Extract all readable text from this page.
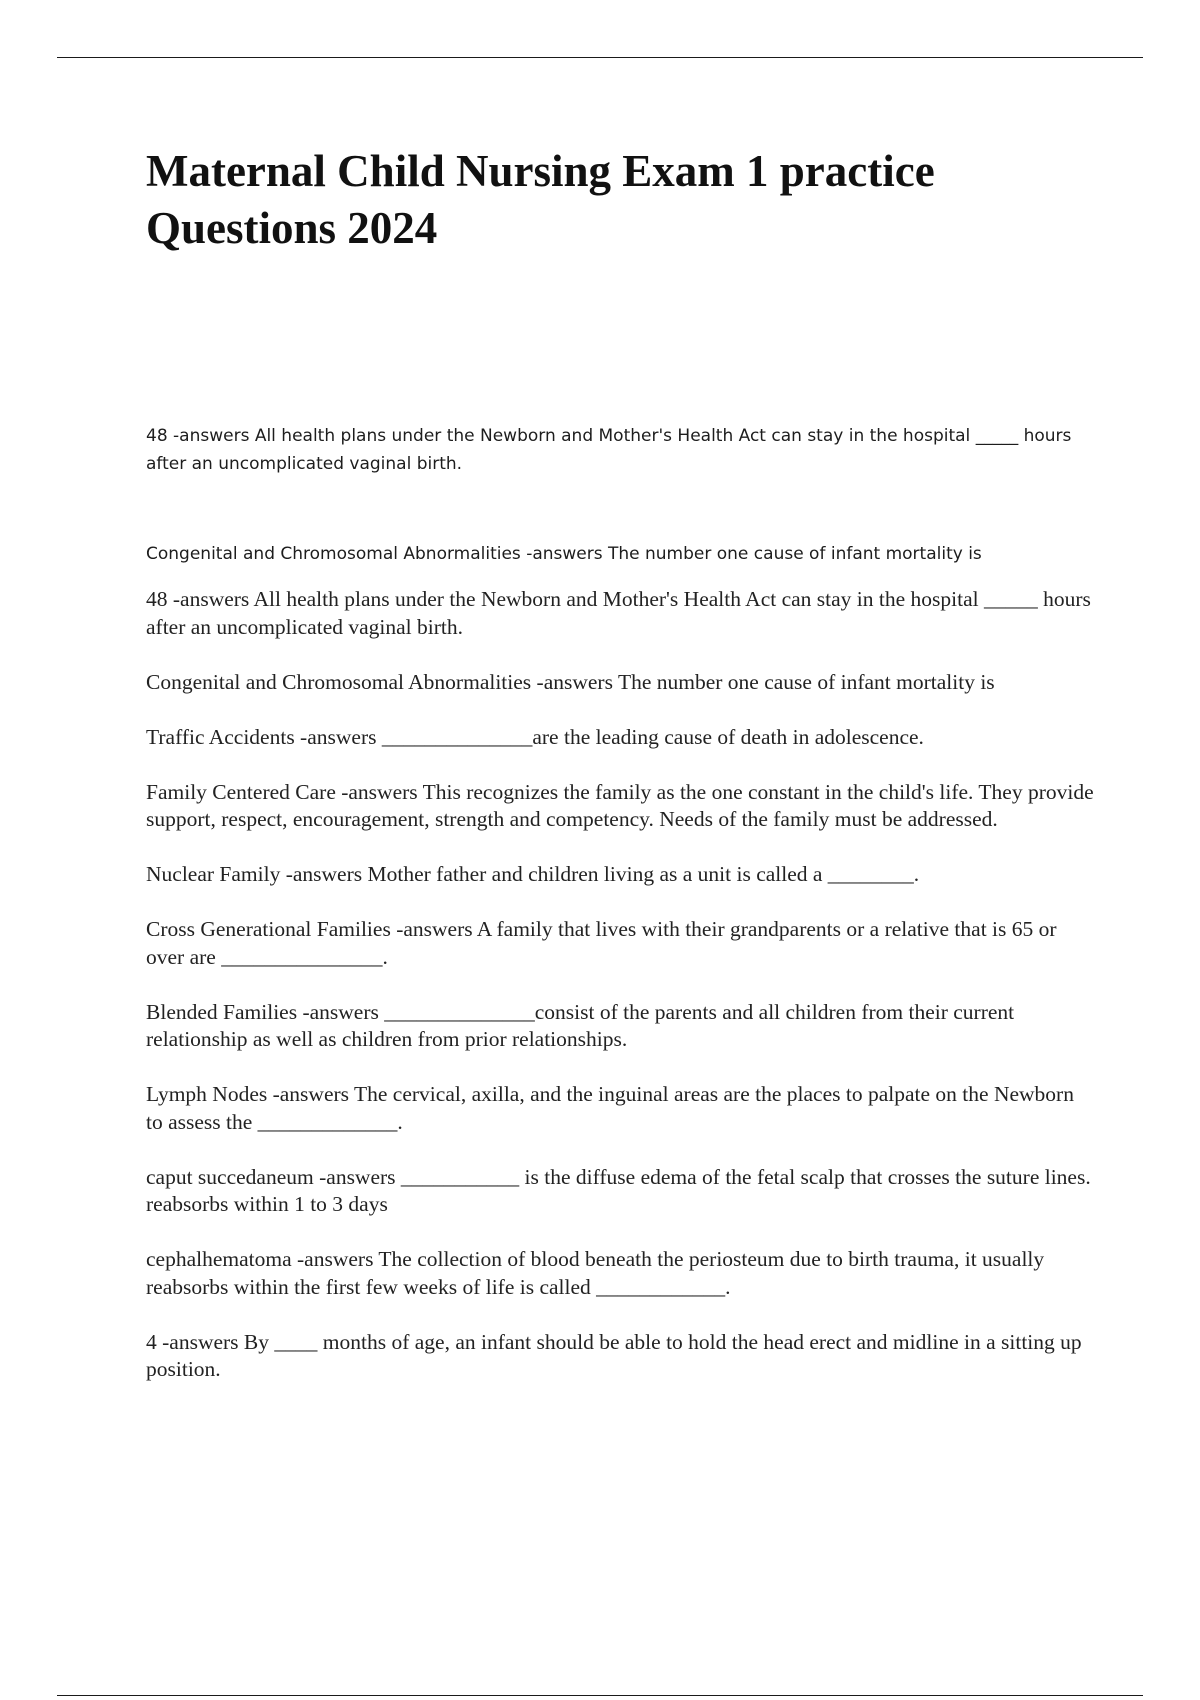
Maternal Child Nursing Exam 1 practice Questions 2024

48 -answers All health plans under the Newborn and Mother's Health Act can stay in the hospital _____ hours after an uncomplicated vaginal birth.

Congenital and Chromosomal Abnormalities -answers The number one cause of infant mortality is

48 -answers All health plans under the Newborn and Mother's Health Act can stay in the hospital _____ hours after an uncomplicated vaginal birth.
Congenital and Chromosomal Abnormalities -answers The number one cause of infant mortality is
Traffic Accidents -answers ______________are the leading cause of death in adolescence.
Family Centered Care -answers This recognizes the family as the one constant in the child's life. They provide support, respect, encouragement, strength and competency. Needs of the family must be addressed.
Nuclear Family -answers Mother father and children living as a unit is called a ________.
Cross Generational Families -answers A family that lives with their grandparents or a relative that is 65 or over are _______________.
Blended Families -answers ______________consist of the parents and all children from their current relationship as well as children from prior relationships.
Lymph Nodes -answers The cervical, axilla, and the inguinal areas are the places to palpate on the Newborn to assess the _____________.
caput succedaneum -answers ___________ is the diffuse edema of the fetal scalp that crosses the suture lines. reabsorbs within 1 to 3 days
cephalhematoma -answers The collection of blood beneath the periosteum due to birth trauma, it usually reabsorbs within the first few weeks of life is called ____________.
4 -answers By ____ months of age, an infant should be able to hold the head erect and midline in a sitting up position.
